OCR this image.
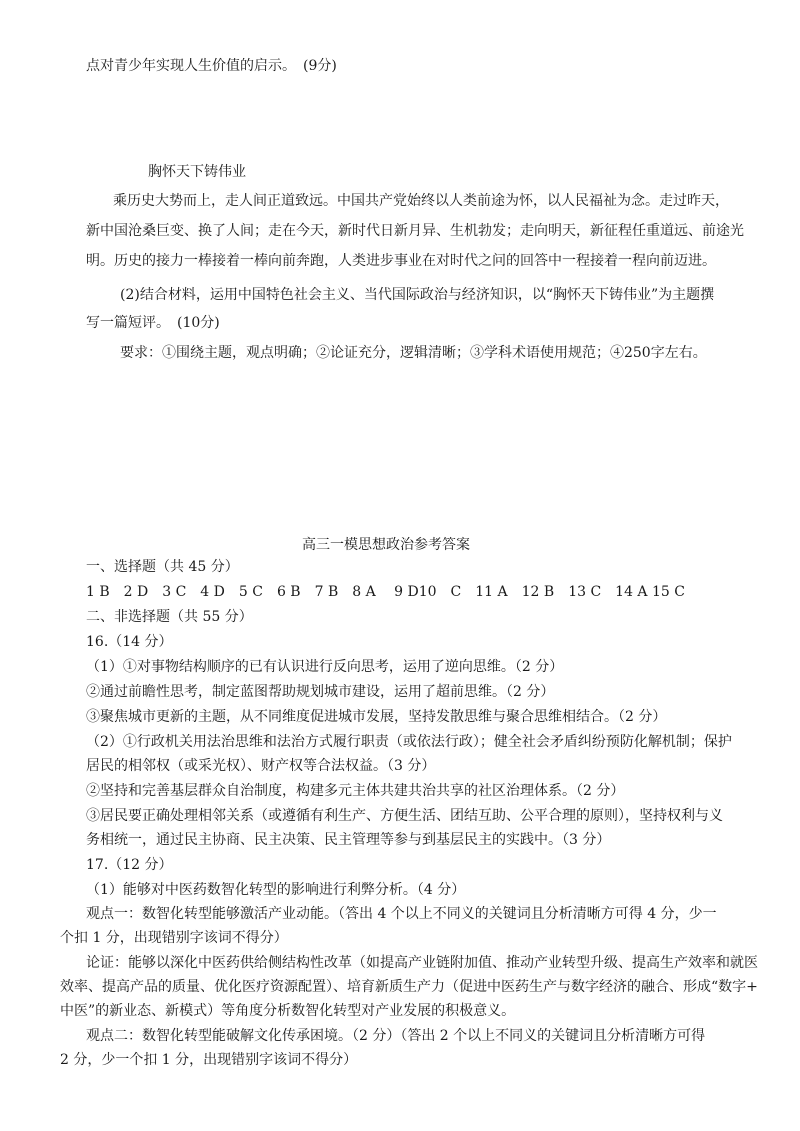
点对青少年实现人生价值的启示。　(9分)
胸怀天下铸伟业
乘历史大势而上，走人间正道致远。中国共产党始终以人类前途为怀，以人民福祉为念。走过昨天，
新中国沧桑巨变、换了人间；走在今天，新时代日新月异、生机勃发；走向明天，新征程任重道远、前途光
明。历史的接力一棒接着一棒向前奔跑，人类进步事业在对时代之问的回答中一程接着一程向前迈进。
(2)结合材料，运用中国特色社会主义、当代国际政治与经济知识，以“胸怀天下铸伟业”为主题撰
写一篇短评。　(10分)
要求：①围绕主题，观点明确；②论证充分，逻辑清晰；③学科术语使用规范；④250字左右。
高三一模思想政治参考答案
一、选择题（共 45 分）
1 B　2 D　3 C　4 D　5 C　6 B　7 B　8 A　 9 D10　C　11 A　12 B　13 C　14 A 15 C
二、非选择题（共 55 分）
16.（14 分）
（1）①对事物结构顺序的已有认识进行反向思考，运用了逆向思维。（2 分）
②通过前瞻性思考，制定蓝图帮助规划城市建设，运用了超前思维。（2 分）
③聚焦城市更新的主题，从不同维度促进城市发展，坚持发散思维与聚合思维相结合。（2 分）
（2）①行政机关用法治思维和法治方式履行职责（或依法行政）；健全社会矛盾纠纷预防化解机制；保护
居民的相邻权（或采光权）、财产权等合法权益。（3 分）
②坚持和完善基层群众自治制度，构建多元主体共建共治共享的社区治理体系。（2 分）
③居民要正确处理相邻关系（或遵循有利生产、方便生活、团结互助、公平合理的原则），坚持权利与义
务相统一，通过民主协商、民主决策、民主管理等参与到基层民主的实践中。（3 分）
17.（12 分）
（1）能够对中医药数智化转型的影响进行利弊分析。（4 分）
观点一：数智化转型能够激活产业动能。（答出 4 个以上不同义的关键词且分析清晰方可得 4 分，少一
个扣 1 分，出现错别字该词不得分）
论证：能够以深化中医药供给侧结构性改革（如提高产业链附加值、推动产业转型升级、提高生产效率和就医
效率、提高产品的质量、优化医疗资源配置）、培育新质生产力（促进中医药生产与数字经济的融合、形成“数字+
中医”的新业态、新模式）等角度分析数智化转型对产业发展的积极意义。
观点二：数智化转型能破解文化传承困境。（2 分）（答出 2 个以上不同义的关键词且分析清晰方可得
2 分，少一个扣 1 分，出现错别字该词不得分）
